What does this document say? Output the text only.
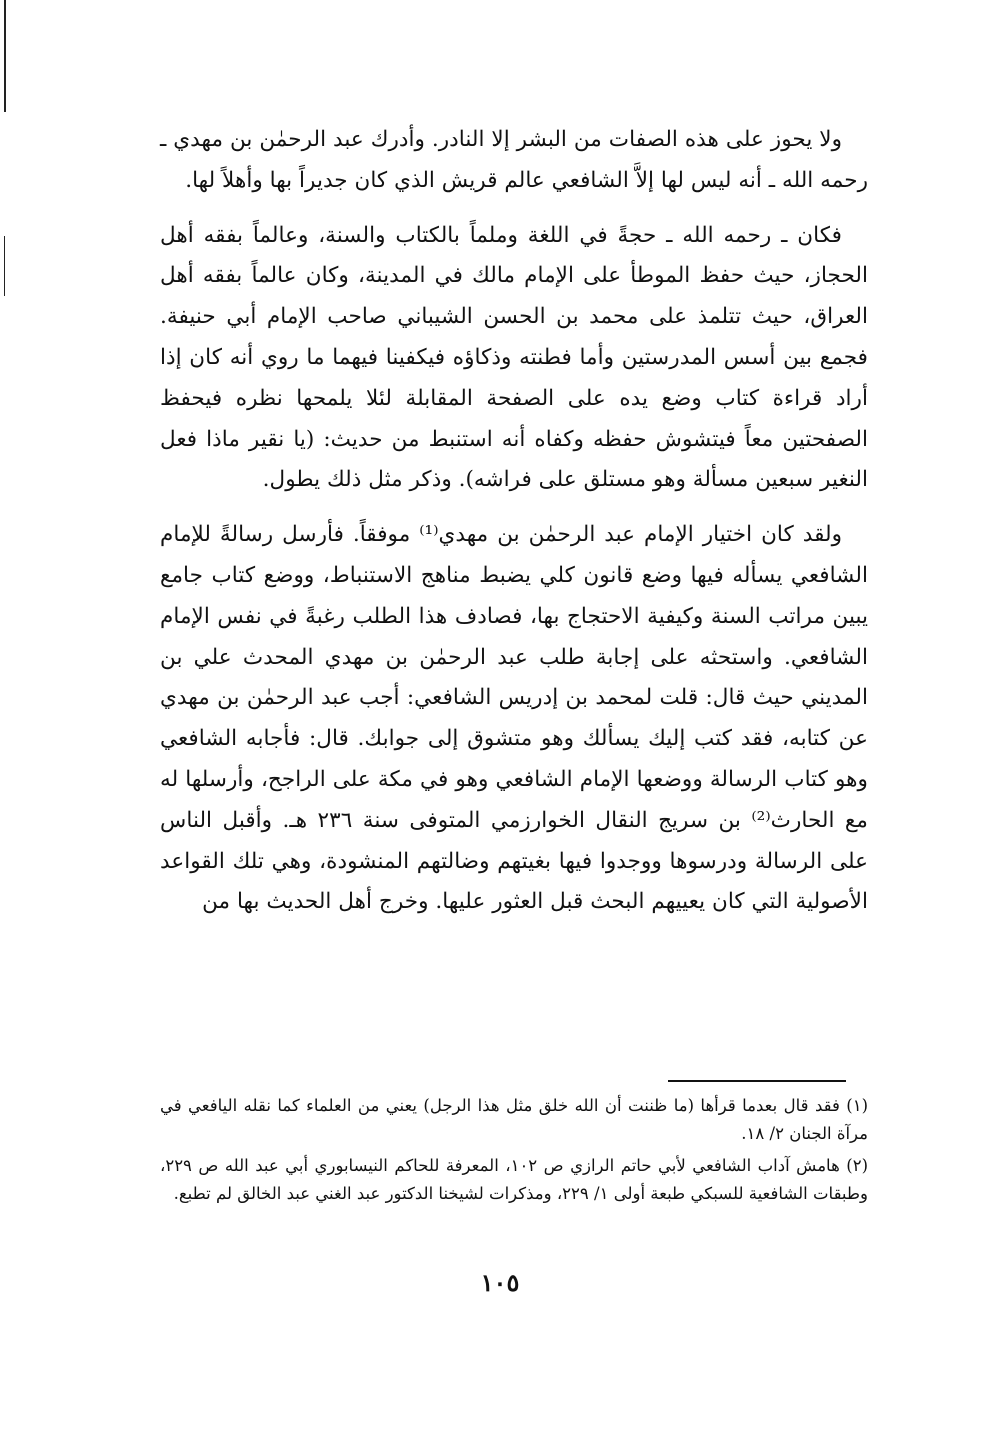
ولا يحوز على هذه الصفات من البشر إلا النادر. وأدرك عبد الرحمٰن بن مهدي ـ رحمه الله ـ أنه ليس لها إلاَّ الشافعي عالم قريش الذي كان جديراً بها وأهلاً لها.

فكان ـ رحمه الله ـ حجةً في اللغة وملماً بالكتاب والسنة، وعالماً بفقه أهل الحجاز، حيث حفظ الموطأ على الإمام مالك في المدينة، وكان عالماً بفقه أهل العراق، حيث تتلمذ على محمد بن الحسن الشيباني صاحب الإمام أبي حنيفة. فجمع بين أسس المدرستين وأما فطنته وذكاؤه فيكفينا فيهما ما روي أنه كان إذا أراد قراءة كتاب وضع يده على الصفحة المقابلة لئلا يلمحها نظره فيحفظ الصفحتين معاً فيتشوش حفظه وكفاه أنه استنبط من حديث: (يا نقير ماذا فعل النغير سبعين مسألة وهو مستلق على فراشه). وذكر مثل ذلك يطول.

ولقد كان اختيار الإمام عبد الرحمٰن بن مهدي⁽¹⁾ موفقاً. فأرسل رسالةً للإمام الشافعي يسأله فيها وضع قانون كلي يضبط مناهج الاستنباط، ووضع كتاب جامع يبين مراتب السنة وكيفية الاحتجاج بها، فصادف هذا الطلب رغبةً في نفس الإمام الشافعي. واستحثه على إجابة طلب عبد الرحمٰن بن مهدي المحدث علي بن المديني حيث قال: قلت لمحمد بن إدريس الشافعي: أجب عبد الرحمٰن بن مهدي عن كتابه، فقد كتب إليك يسألك وهو متشوق إلى جوابك. قال: فأجابه الشافعي وهو كتاب الرسالة ووضعها الإمام الشافعي وهو في مكة على الراجح، وأرسلها له مع الحارث⁽²⁾ بن سريج النقال الخوارزمي المتوفى سنة ٢٣٦ هـ. وأقبل الناس على الرسالة ودرسوها ووجدوا فيها بغيتهم وضالتهم المنشودة، وهي تلك القواعد الأصولية التي كان يعييهم البحث قبل العثور عليها. وخرج أهل الحديث بها من

(١) فقد قال بعدما قرأها (ما ظننت أن الله خلق مثل هذا الرجل) يعني من العلماء كما نقله اليافعي في مرآة الجنان ٢/ ١٨.

(٢) هامش آداب الشافعي لأبي حاتم الرازي ص ١٠٢، المعرفة للحاكم النيسابوري أبي عبد الله ص ٢٢٩، وطبقات الشافعية للسبكي طبعة أولى ١/ ٢٢٩، ومذكرات لشيخنا الدكتور عبد الغني عبد الخالق لم تطبع.

١٠٥
